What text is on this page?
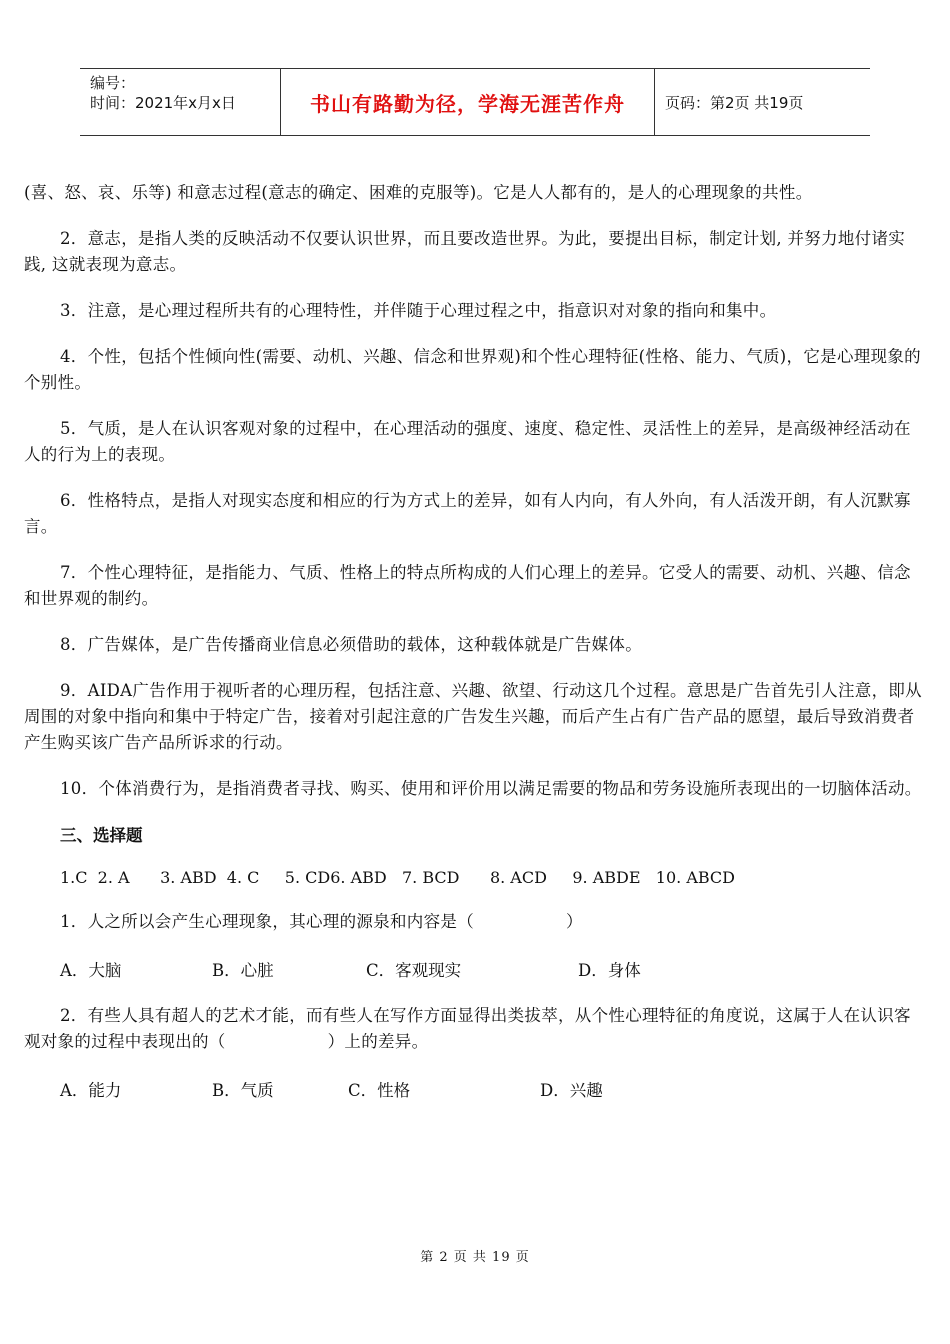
编号：
时间：2021年x月x日	书山有路勤为径，学海无涯苦作舟	页码：第2页 共19页

(喜、怒、哀、乐等) 和意志过程(意志的确定、困难的克服等)。它是人人都有的，是人的心理现象的共性。

2．意志，是指人类的反映活动不仅要认识世界，而且要改造世界。为此，要提出目标，制定计划, 并努力地付诸实践, 这就表现为意志。

3．注意，是心理过程所共有的心理特性，并伴随于心理过程之中，指意识对对象的指向和集中。

4．个性，包括个性倾向性(需要、动机、兴趣、信念和世界观)和个性心理特征(性格、能力、气质)，它是心理现象的个别性。

5．气质，是人在认识客观对象的过程中，在心理活动的强度、速度、稳定性、灵活性上的差异，是高级神经活动在人的行为上的表现。

6．性格特点，是指人对现实态度和相应的行为方式上的差异，如有人内向，有人外向，有人活泼开朗，有人沉默寡言。

7．个性心理特征，是指能力、气质、性格上的特点所构成的人们心理上的差异。它受人的需要、动机、兴趣、信念和世界观的制约。

8．广告媒体，是广告传播商业信息必须借助的载体，这种载体就是广告媒体。

9．AIDA广告作用于视听者的心理历程，包括注意、兴趣、欲望、行动这几个过程。意思是广告首先引人注意，即从周围的对象中指向和集中于特定广告，接着对引起注意的广告发生兴趣，而后产生占有广告产品的愿望，最后导致消费者产生购买该广告产品所诉求的行动。

10．个体消费行为，是指消费者寻找、购买、使用和评价用以满足需要的物品和劳务设施所表现出的一切脑体活动。

三、选择题
1.C  2. A      3. ABD  4. C     5. CD6. ABD   7. BCD      8. ACD     9. ABDE   10. ABCD

1．人之所以会产生心理现象，其心理的源泉和内容是（	）

A．大脑	B．心脏	C．客观现实	D．身体

2．有些人具有超人的艺术才能，而有些人在写作方面显得出类拔萃，从个性心理特征的角度说，这属于人在认识客观对象的过程中表现出的（	）上的差异。

A．能力	B．气质	C．性格	D．兴趣
第 2 页 共 19 页
